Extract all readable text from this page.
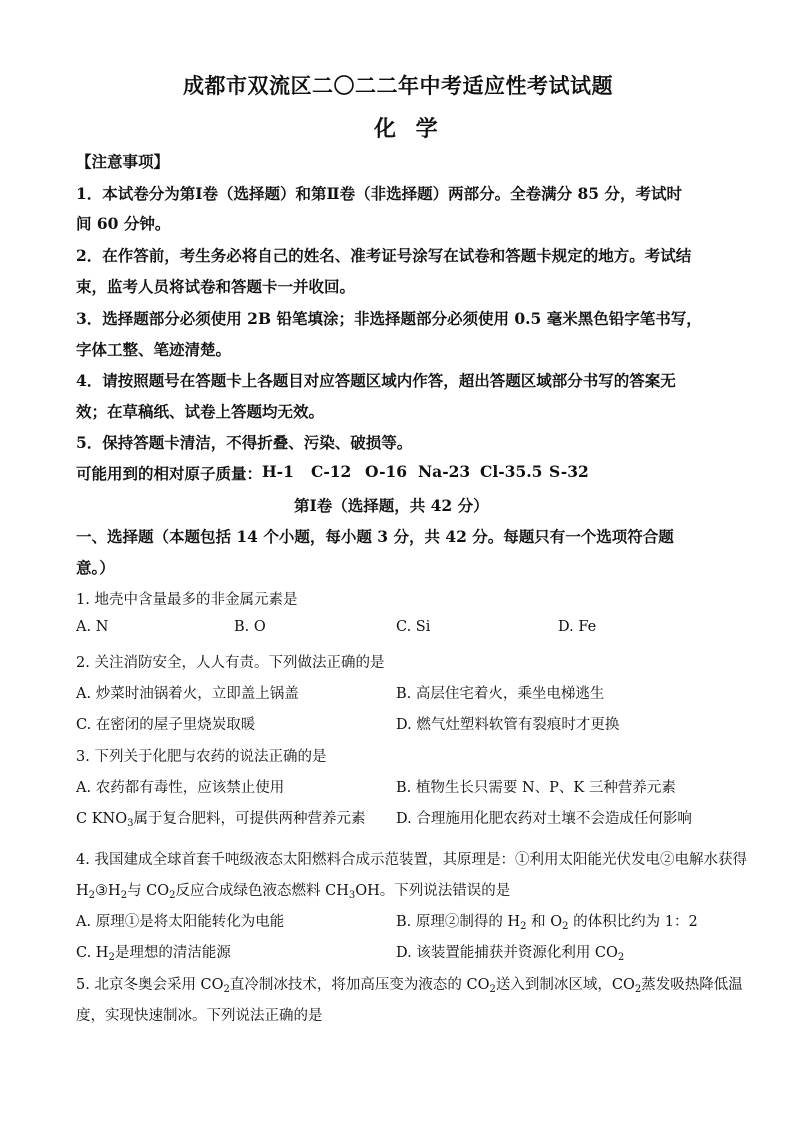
成都市双流区二〇二二年中考适应性考试试题
化 学
【注意事项】
1．本试卷分为第Ⅰ卷（选择题）和第Ⅱ卷（非选择题）两部分。全卷满分 85 分，考试时
间 60 分钟。
2．在作答前，考生务必将自己的姓名、准考证号涂写在试卷和答题卡规定的地方。考试结
束，监考人员将试卷和答题卡一并收回。
3．选择题部分必须使用 2B 铅笔填涂；非选择题部分必须使用 0.5 毫米黑色铅字笔书写，
字体工整、笔迹清楚。
4．请按照题号在答题卡上各题目对应答题区域内作答，超出答题区域部分书写的答案无
效；在草稿纸、试卷上答题均无效。
5．保持答题卡清洁，不得折叠、污染、破损等。
可能用到的相对原子质量： H-1 C-12 O-16 Na-23 Cl-35.5 S-32
第Ⅰ卷（选择题，共 42 分）
一、选择题（本题包括 14 个小题，每小题 3 分，共 42 分。每题只有一个选项符合题
意。）
1. 地壳中含量最多的非金属元素是
A. N	B. O	C. Si	D. Fe
2. 关注消防安全，人人有责。下列做法正确的是
A. 炒菜时油锅着火，立即盖上锅盖	B. 高层住宅着火，乘坐电梯逃生
C. 在密闭的屋子里烧炭取暖	D. 燃气灶塑料软管有裂痕时才更换
3. 下列关于化肥与农药的说法正确的是
A. 农药都有毒性，应该禁止使用	B. 植物生长只需要 N、P、K 三种营养元素
C $KNO_3$属于复合肥料，可提供两种营养元素 D. 合理施用化肥农药对土壤不会造成任何影响
4. 我国建成全球首套千吨级液态太阳燃料合成示范装置，其原理是：①利用太阳能光伏发电②电解水获得
$H_2③H_2$与 $CO_2$反应合成绿色液态燃料 $CH_3OH$。下列说法错误的是
A. 原理①是将太阳能转化为电能	B. 原理②制得的 $H_2$ 和 $O_2$ 的体积比约为 1：2
C. $H_2$是理想的清洁能源	D. 该装置能捕获并资源化利用 $CO_2$
5. 北京冬奥会采用 $CO_2$直冷制冰技术，将加高压变为液态的 $CO_2$送入到制冰区域，$CO_2$蒸发吸热降低温
度，实现快速制冰。下列说法正确的是
